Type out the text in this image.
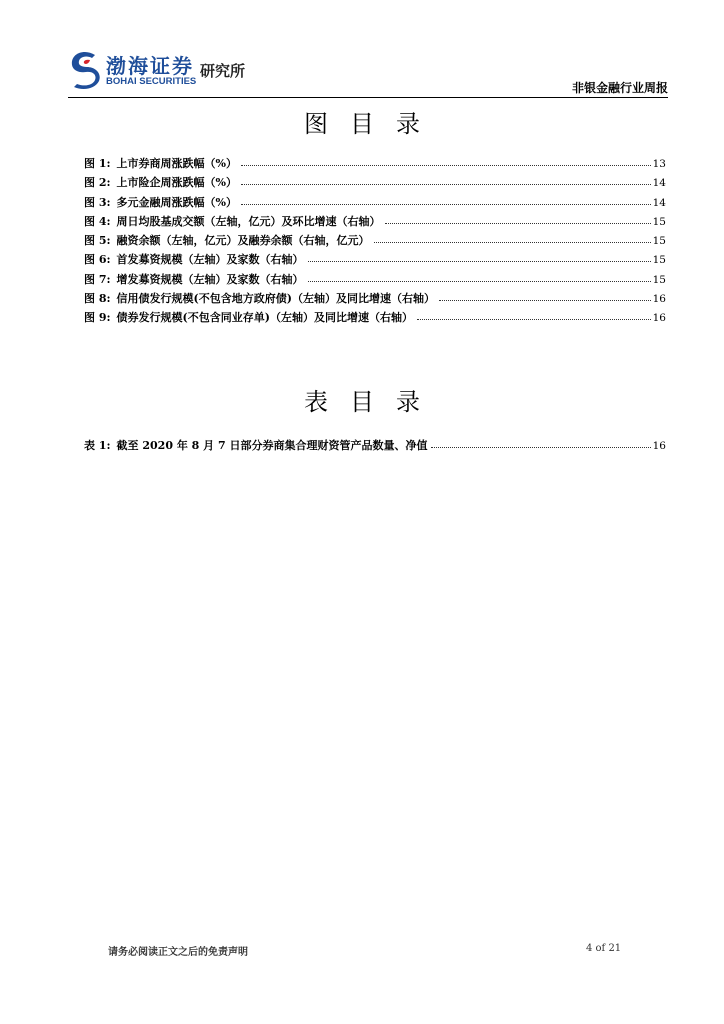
渤海证券
BOHAI SECURITIES
研究所
非银金融行业周报
图目录
图 1: 上市券商周涨跌幅（%）	13
图 2: 上市险企周涨跌幅（%）	14
图 3: 多元金融周涨跌幅（%）	14
图 4: 周日均股基成交额（左轴，亿元）及环比增速（右轴）	15
图 5: 融资余额（左轴，亿元）及融券余额（右轴，亿元）	15
图 6: 首发募资规模（左轴）及家数（右轴）	15
图 7: 增发募资规模（左轴）及家数（右轴）	15
图 8: 信用债发行规模(不包含地方政府债)（左轴）及同比增速（右轴）	16
图 9: 债券发行规模(不包含同业存单)（左轴）及同比增速（右轴）	16
表目录
表 1: 截至 2020 年 8 月 7 日部分券商集合理财资管产品数量、净值	16
请务必阅读正文之后的免责声明	4 of 21
